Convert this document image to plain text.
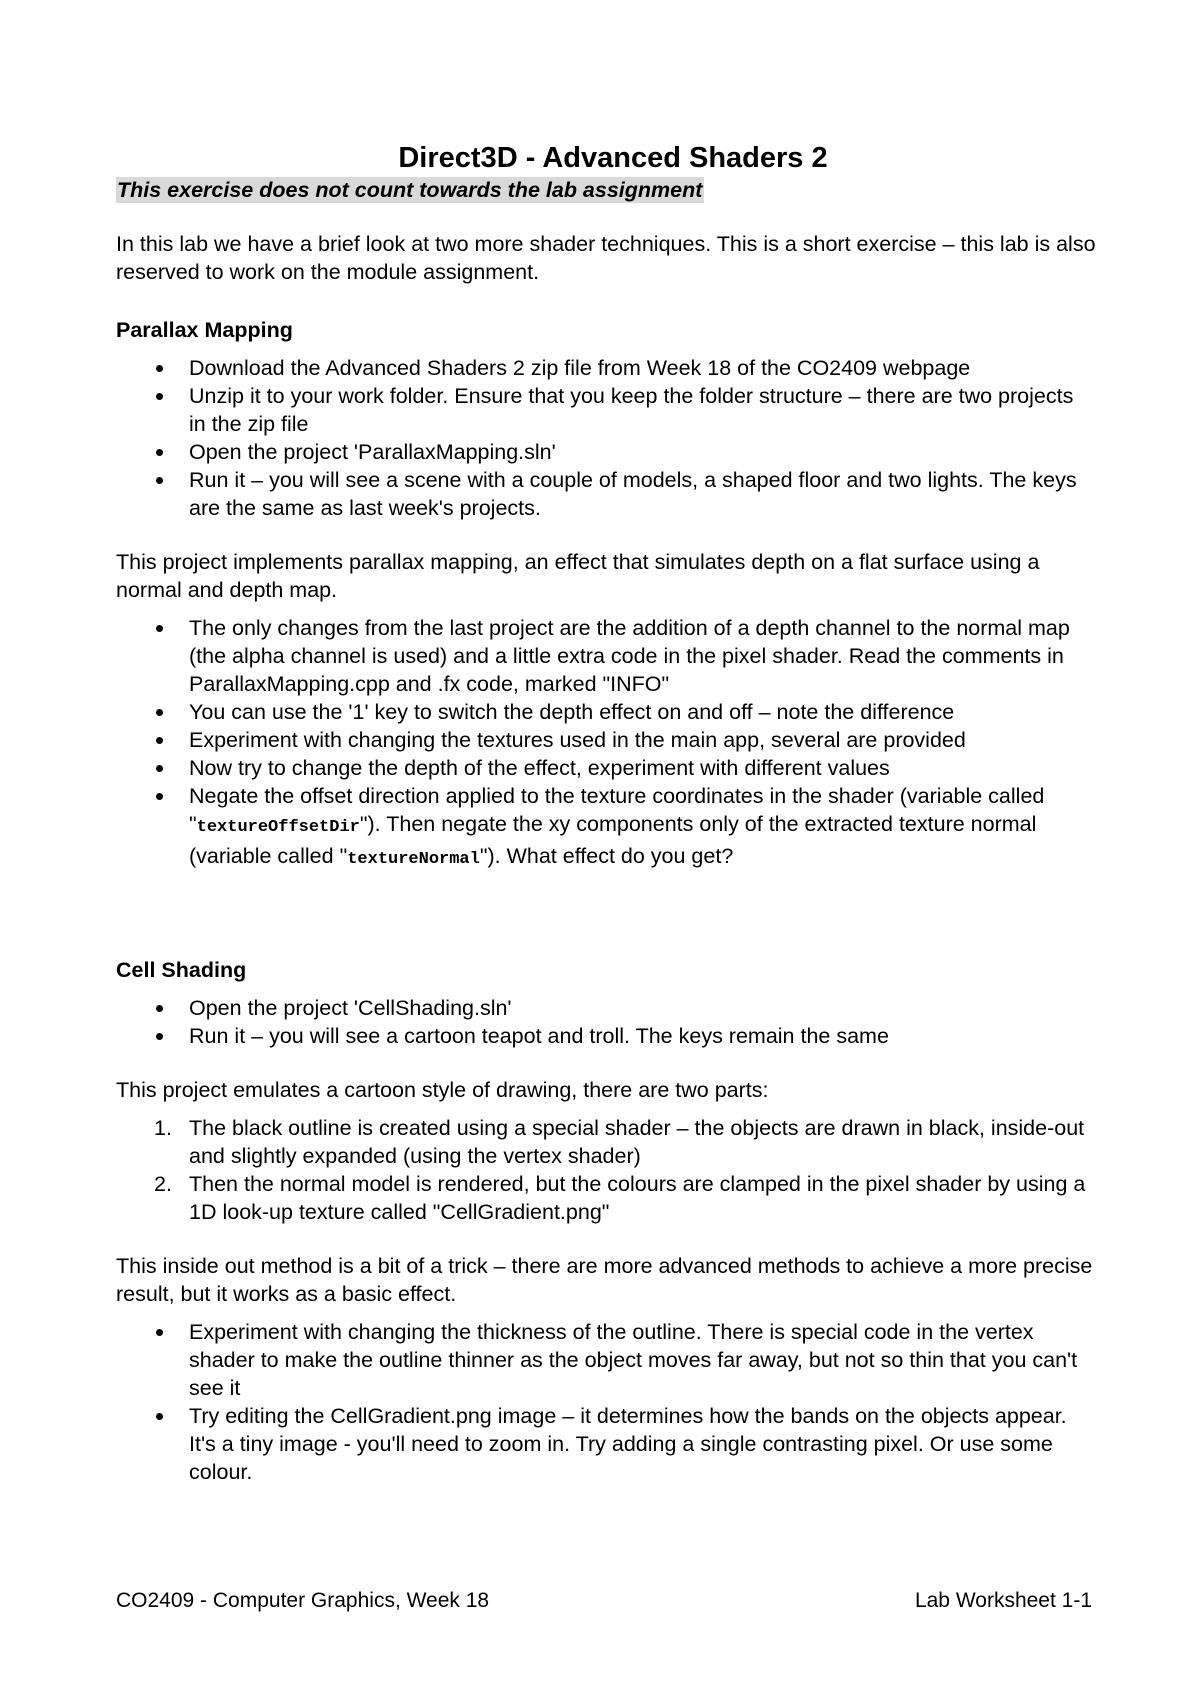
Direct3D - Advanced Shaders 2
This exercise does not count towards the lab assignment

In this lab we have a brief look at two more shader techniques. This is a short exercise – this lab is also reserved to work on the module assignment.

Parallax Mapping
Download the Advanced Shaders 2 zip file from Week 18 of the CO2409 webpage
Unzip it to your work folder. Ensure that you keep the folder structure – there are two projects in the zip file
Open the project 'ParallaxMapping.sln'
Run it – you will see a scene with a couple of models, a shaped floor and two lights. The keys are the same as last week's projects.

This project implements parallax mapping, an effect that simulates depth on a flat surface using a normal and depth map.

The only changes from the last project are the addition of a depth channel to the normal map (the alpha channel is used) and a little extra code in the pixel shader. Read the comments in ParallaxMapping.cpp and .fx code, marked "INFO"
You can use the '1' key to switch the depth effect on and off – note the difference
Experiment with changing the textures used in the main app, several are provided
Now try to change the depth of the effect, experiment with different values
Negate the offset direction applied to the texture coordinates in the shader (variable called "textureOffsetDir"). Then negate the xy components only of the extracted texture normal (variable called "textureNormal"). What effect do you get?
Cell Shading
Open the project 'CellShading.sln'
Run it – you will see a cartoon teapot and troll. The keys remain the same

This project emulates a cartoon style of drawing, there are two parts:

1. The black outline is created using a special shader – the objects are drawn in black, inside-out and slightly expanded (using the vertex shader)
2. Then the normal model is rendered, but the colours are clamped in the pixel shader by using a 1D look-up texture called "CellGradient.png"

This inside out method is a bit of a trick – there are more advanced methods to achieve a more precise result, but it works as a basic effect.

Experiment with changing the thickness of the outline. There is special code in the vertex shader to make the outline thinner as the object moves far away, but not so thin that you can't see it
Try editing the CellGradient.png image – it determines how the bands on the objects appear. It's a tiny image - you'll need to zoom in. Try adding a single contrasting pixel. Or use some colour.
CO2409 - Computer Graphics, Week 18	Lab Worksheet 1-1
